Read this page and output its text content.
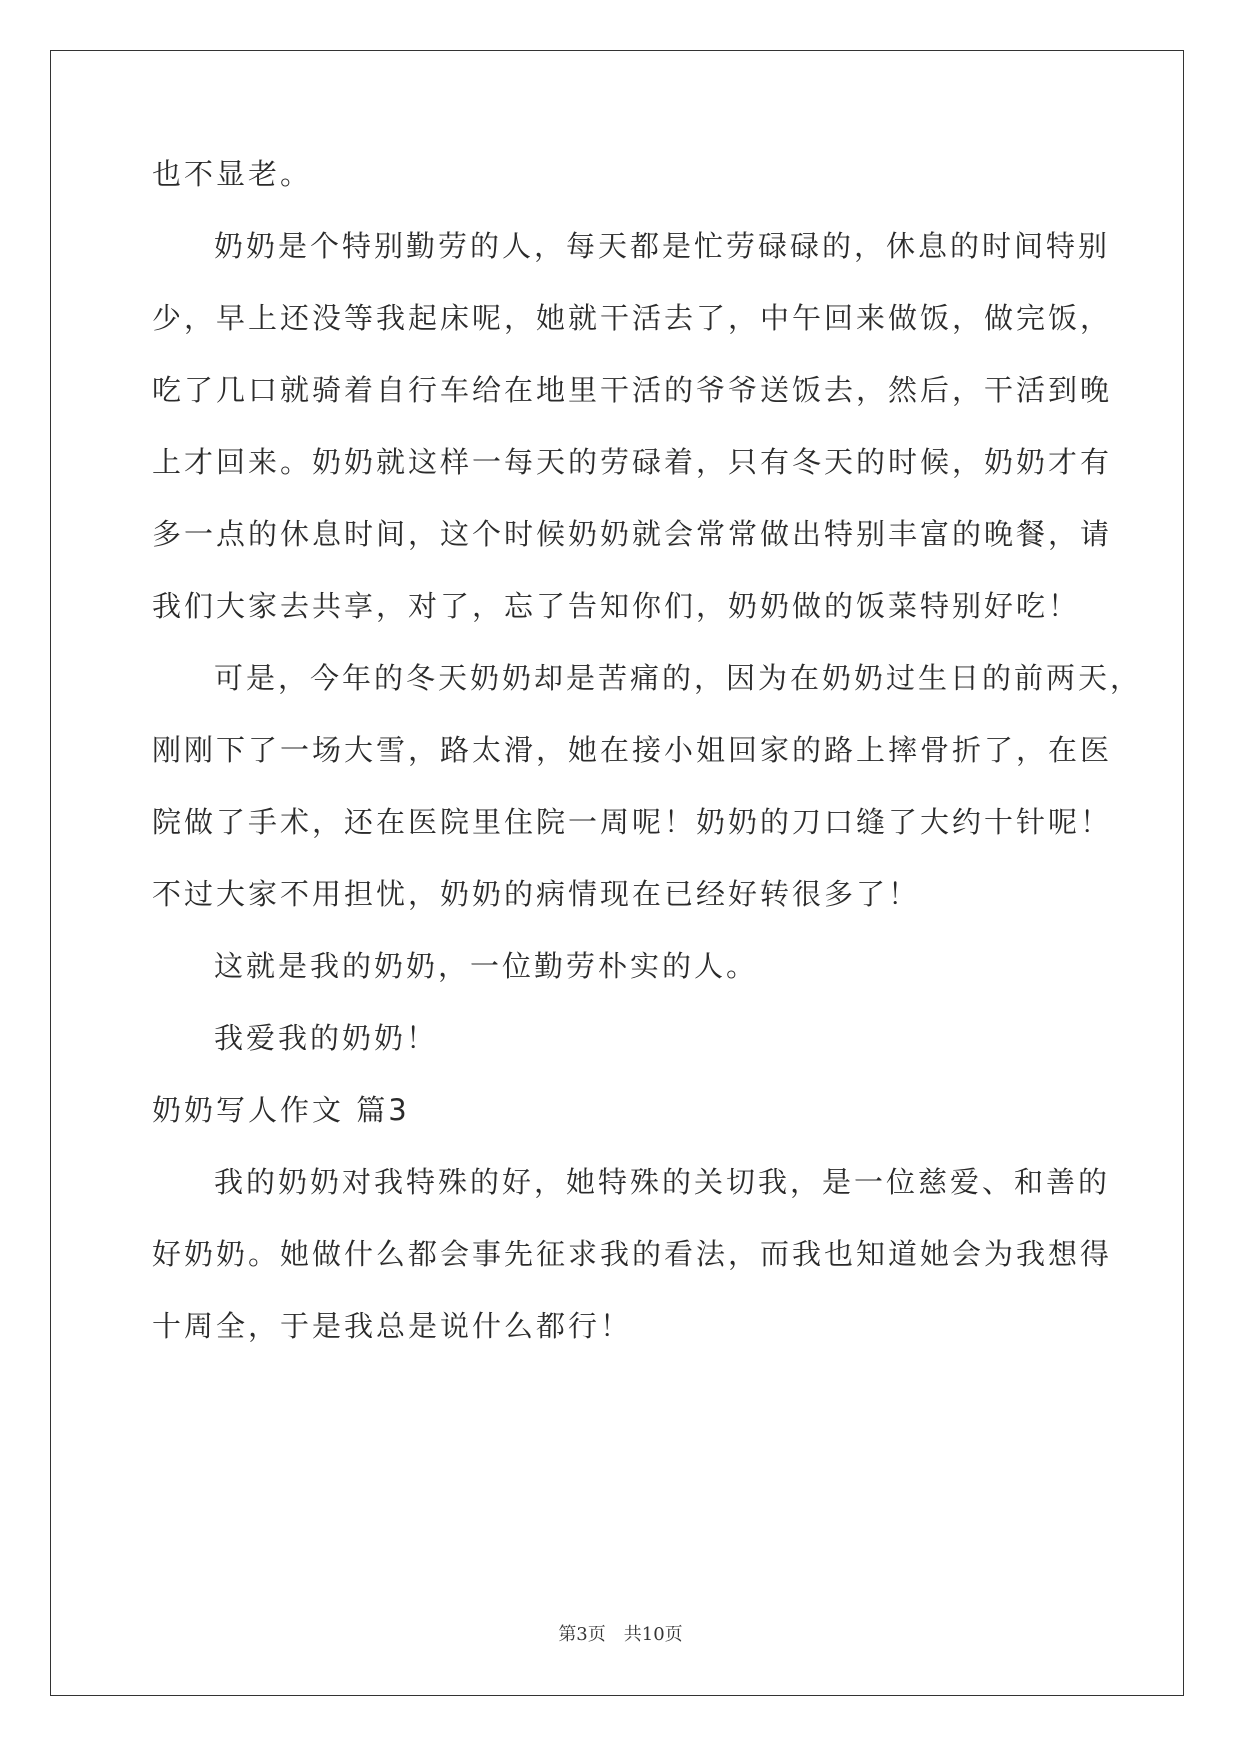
也不显老。
奶奶是个特别勤劳的人，每天都是忙劳碌碌的，休息的时间特别
少，早上还没等我起床呢，她就干活去了，中午回来做饭，做完饭，
吃了几口就骑着自行车给在地里干活的爷爷送饭去，然后，干活到晚
上才回来。奶奶就这样一每天的劳碌着，只有冬天的时候，奶奶才有
多一点的休息时间，这个时候奶奶就会常常做出特别丰富的晚餐，请
我们大家去共享，对了，忘了告知你们，奶奶做的饭菜特别好吃！
可是，今年的冬天奶奶却是苦痛的，因为在奶奶过生日的前两天，
刚刚下了一场大雪，路太滑，她在接小姐回家的路上摔骨折了，在医
院做了手术，还在医院里住院一周呢！奶奶的刀口缝了大约十针呢！
不过大家不用担忧，奶奶的病情现在已经好转很多了！
这就是我的奶奶，一位勤劳朴实的人。
我爱我的奶奶！
奶奶写人作文 篇3
我的奶奶对我特殊的好，她特殊的关切我，是一位慈爱、和善的
好奶奶。她做什么都会事先征求我的看法，而我也知道她会为我想得
十周全，于是我总是说什么都行！
第3页　共10页
